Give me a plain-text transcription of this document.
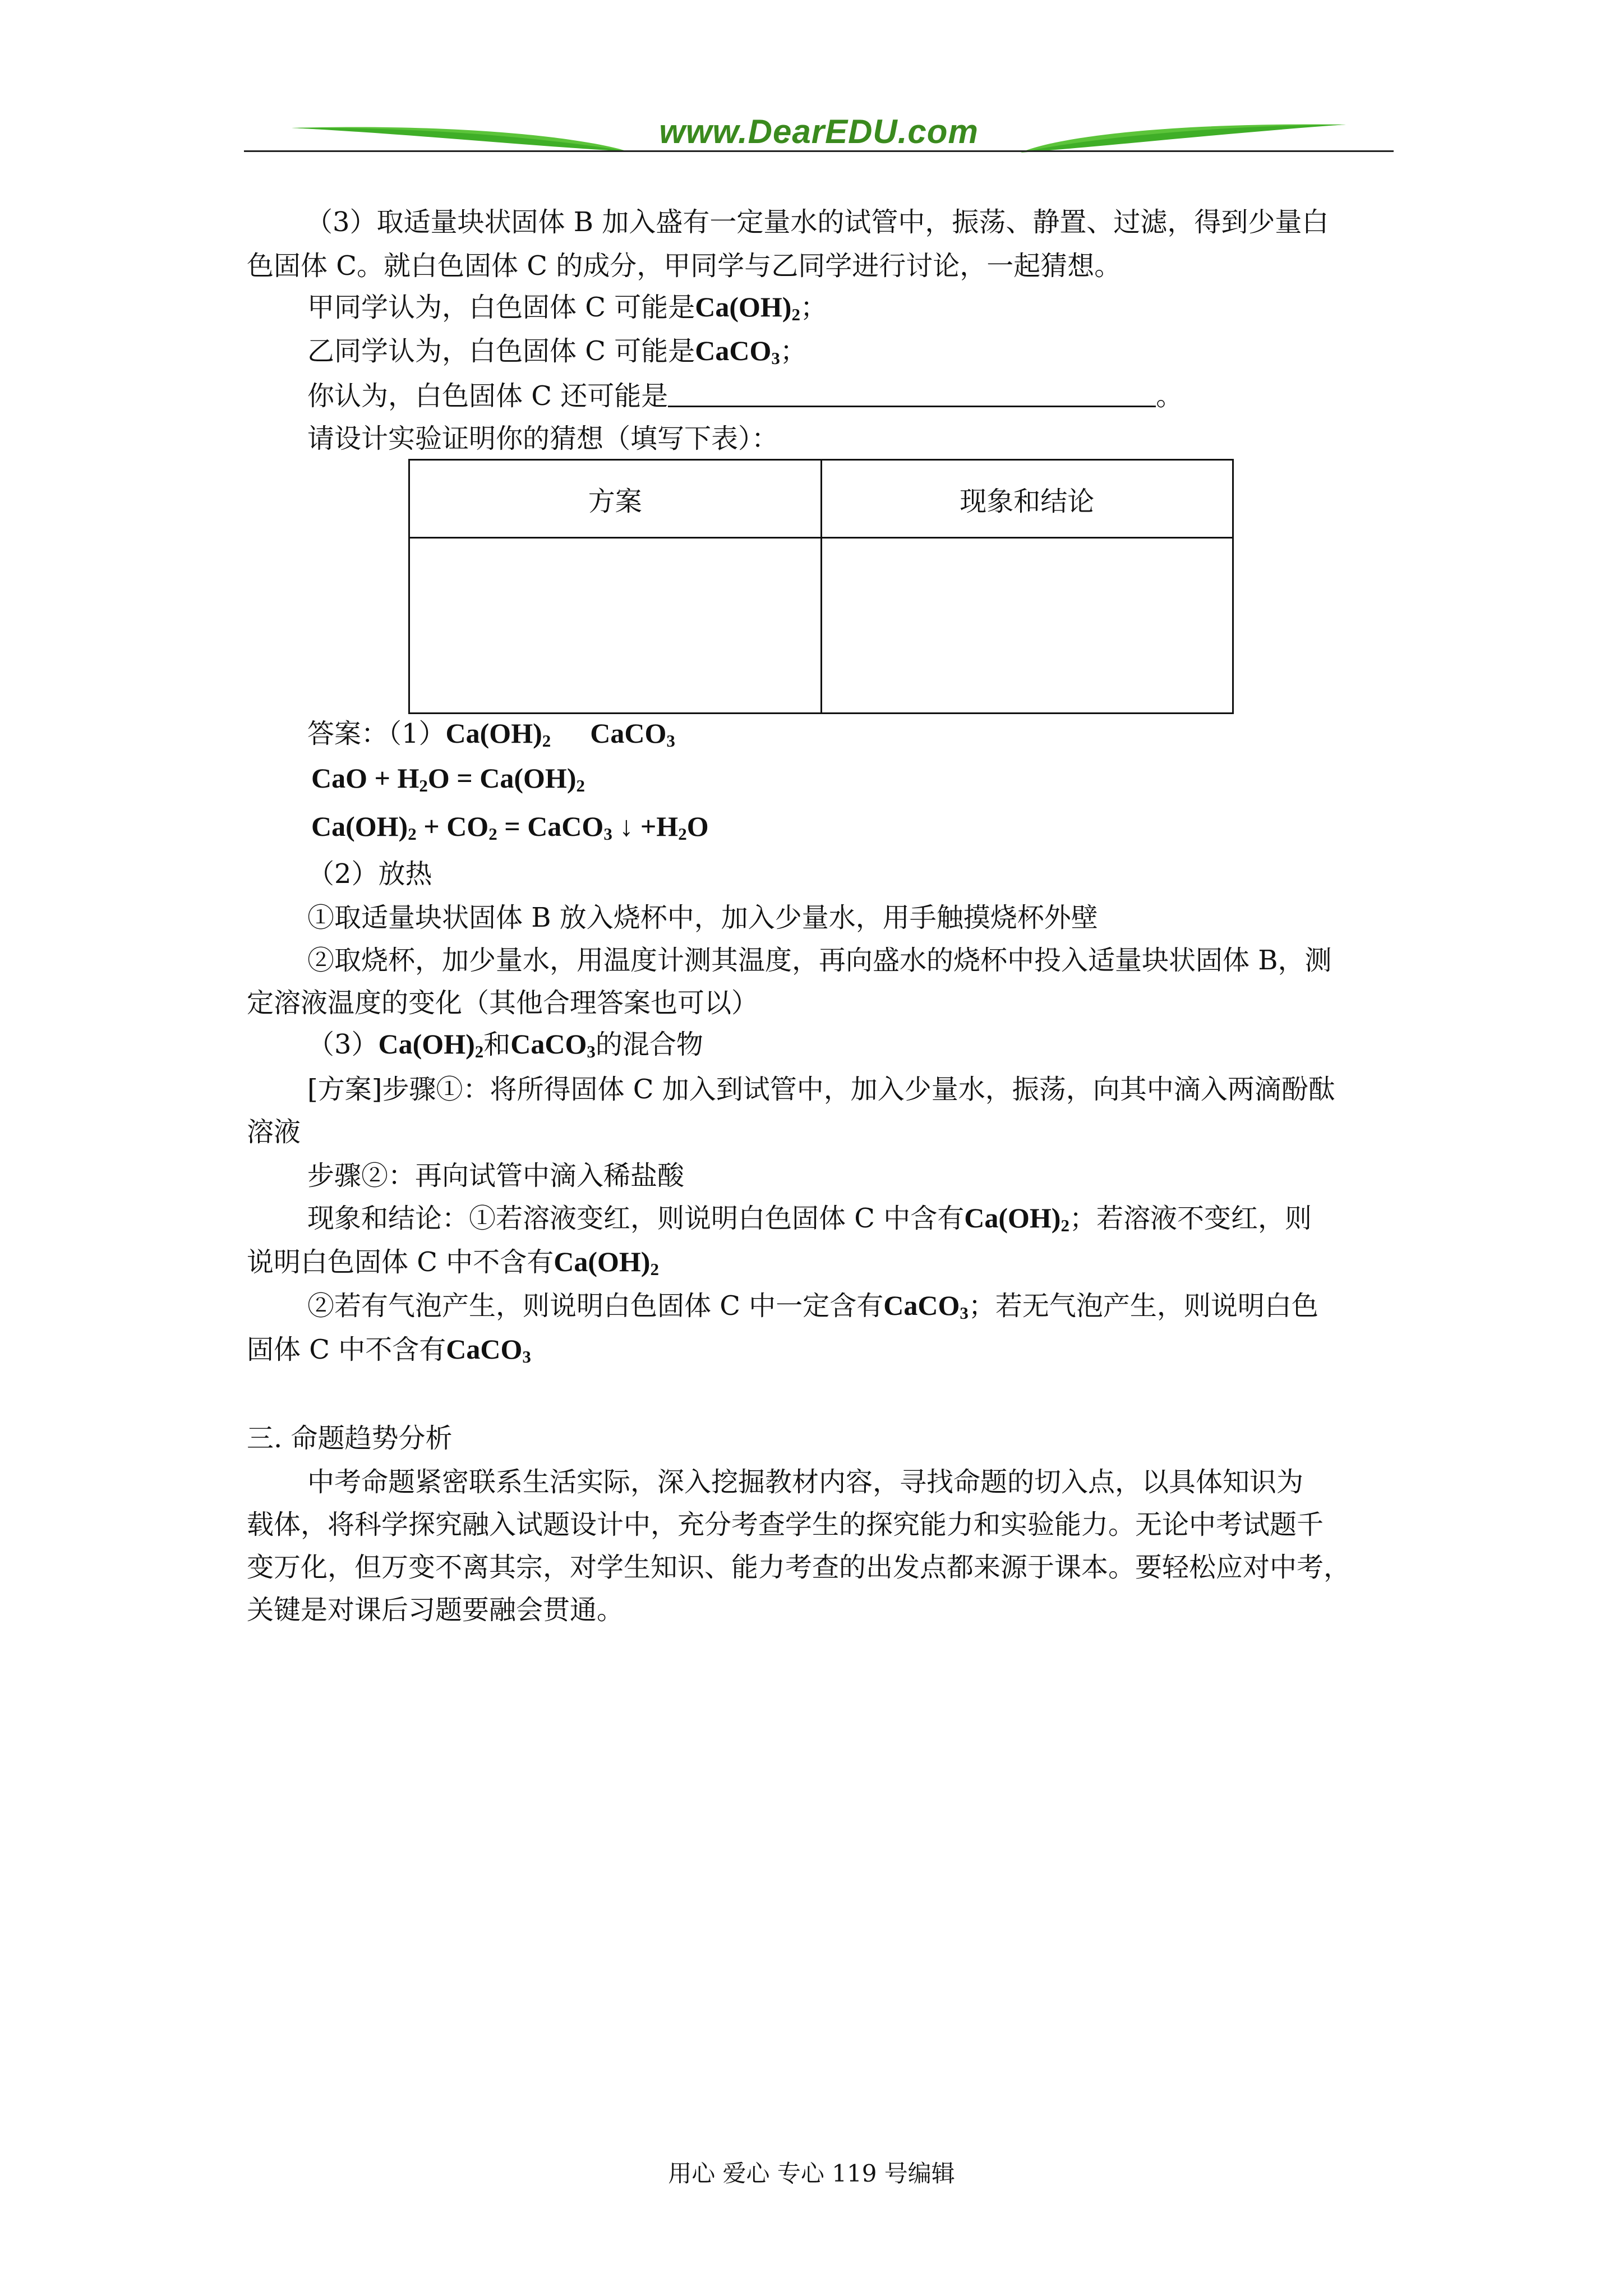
www.DearEDU.com
（3）取适量块状固体 B 加入盛有一定量水的试管中，振荡、静置、过滤，得到少量白
色固体 C。就白色固体 C 的成分，甲同学与乙同学进行讨论，一起猜想。
甲同学认为，白色固体 C 可能是$Ca(OH)_2$；
乙同学认为，白色固体 C 可能是CaCO$_3$；
你认为，白色固体 C 还可能是	。
请设计实验证明你的猜想（填写下表）：
方案	现象和结论

答案：$(1)Ca(OH)_2$ CaCO$_3$
CaO + $H_2O = Ca(OH)_2$
$Ca(OH)_2 + CO_2$ = CaCO$_3$ ↓ $+H_2O$
（2）放热
①取适量块状固体 B 放入烧杯中，加入少量水，用手触摸烧杯外壁
②取烧杯，加少量水，用温度计测其温度，再向盛水的烧杯中投入适量块状固体 B，测
定溶液温度的变化（其他合理答案也可以）
$(3)Ca(OH)_2$和CaCO$_3$的混合物
[方案]步骤①：将所得固体 C 加入到试管中，加入少量水，振荡，向其中滴入两滴酚酞
溶液
步骤②：再向试管中滴入稀盐酸
现象和结论：①若溶液变红，则说明白色固体 C 中含有$Ca(OH)_2$；若溶液不变红，则
说明白色固体 C 中不含有$Ca(OH)_2$
②若有气泡产生，则说明白色固体 C 中一定含有CaCO$_3$；若无气泡产生，则说明白色
固体 C 中不含有CaCO$_3$
三. 命题趋势分析
中考命题紧密联系生活实际，深入挖掘教材内容，寻找命题的切入点，以具体知识为
载体，将科学探究融入试题设计中，充分考查学生的探究能力和实验能力。无论中考试题千
变万化，但万变不离其宗，对学生知识、能力考查的出发点都来源于课本。要轻松应对中考，
关键是对课后习题要融会贯通。
用心 爱心 专心 119 号编辑
